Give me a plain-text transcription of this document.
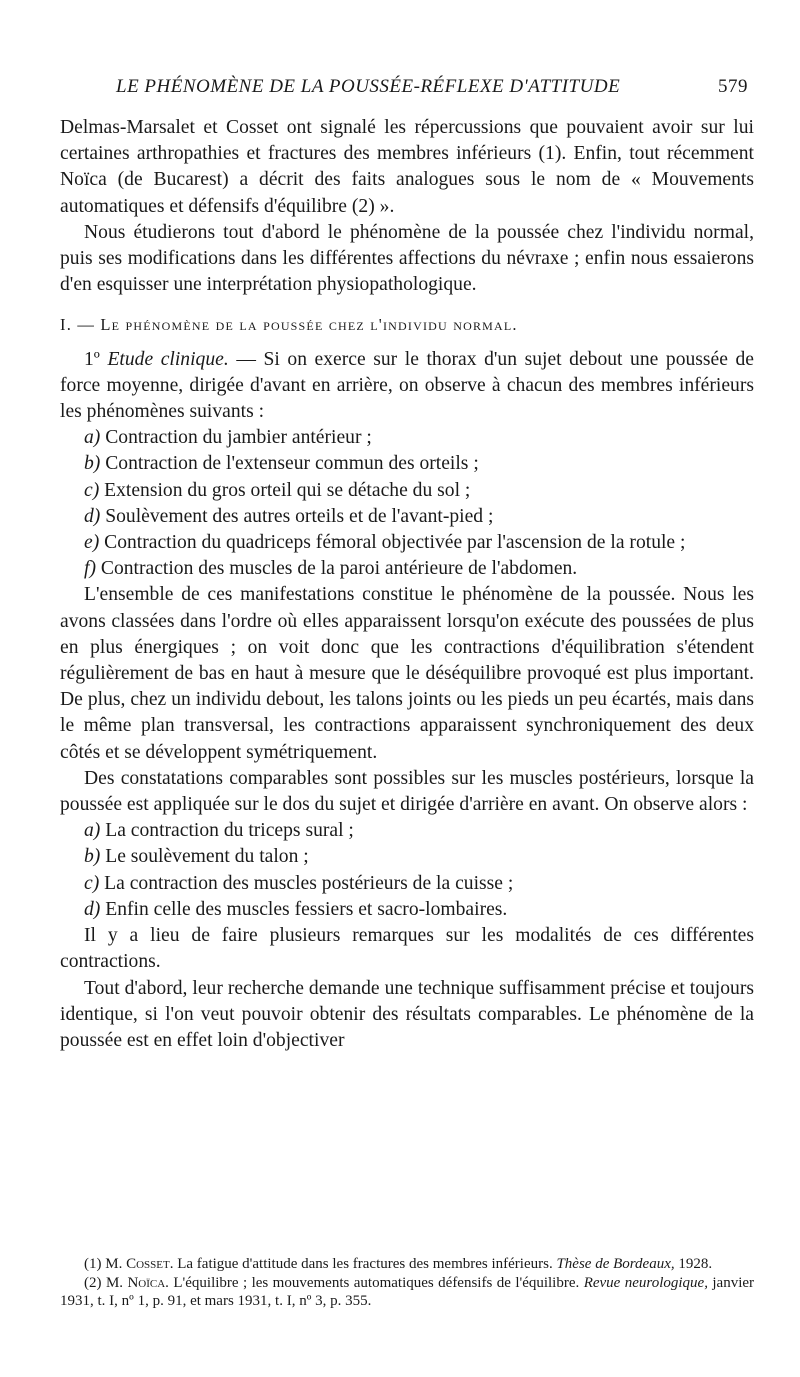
LE PHÉNOMÈNE DE LA POUSSÉE-RÉFLEXE D'ATTITUDE	579

Delmas-Marsalet et Cosset ont signalé les répercussions que pouvaient avoir sur lui certaines arthropathies et fractures des membres inférieurs (1). Enfin, tout récemment Noïca (de Bucarest) a décrit des faits analogues sous le nom de « Mouvements automatiques et défensifs d'équilibre (2) ».

Nous étudierons tout d'abord le phénomène de la poussée chez l'individu normal, puis ses modifications dans les différentes affections du névraxe ; enfin nous essaierons d'en esquisser une interprétation physiopathologique.

I. — Le phénomène de la poussée chez l'individu normal.

1º Etude clinique. — Si on exerce sur le thorax d'un sujet debout une poussée de force moyenne, dirigée d'avant en arrière, on observe à chacun des membres inférieurs les phénomènes suivants :

a) Contraction du jambier antérieur ;

b) Contraction de l'extenseur commun des orteils ;

c) Extension du gros orteil qui se détache du sol ;

d) Soulèvement des autres orteils et de l'avant-pied ;

e) Contraction du quadriceps fémoral objectivée par l'ascension de la rotule ;

f) Contraction des muscles de la paroi antérieure de l'abdomen.

L'ensemble de ces manifestations constitue le phénomène de la poussée. Nous les avons classées dans l'ordre où elles apparaissent lorsqu'on exécute des poussées de plus en plus énergiques ; on voit donc que les contractions d'équilibration s'étendent régulièrement de bas en haut à mesure que le déséquilibre provoqué est plus important. De plus, chez un individu debout, les talons joints ou les pieds un peu écartés, mais dans le même plan transversal, les contractions apparaissent synchroniquement des deux côtés et se développent symétriquement.

Des constatations comparables sont possibles sur les muscles postérieurs, lorsque la poussée est appliquée sur le dos du sujet et dirigée d'arrière en avant. On observe alors :

a) La contraction du triceps sural ;

b) Le soulèvement du talon ;

c) La contraction des muscles postérieurs de la cuisse ;

d) Enfin celle des muscles fessiers et sacro-lombaires.

Il y a lieu de faire plusieurs remarques sur les modalités de ces différentes contractions.

Tout d'abord, leur recherche demande une technique suffisamment précise et toujours identique, si l'on veut pouvoir obtenir des résultats comparables. Le phénomène de la poussée est en effet loin d'objectiver

(1) M. Cosset. La fatigue d'attitude dans les fractures des membres inférieurs. Thèse de Bordeaux, 1928.

(2) M. Noïca. L'équilibre ; les mouvements automatiques défensifs de l'équilibre. Revue neurologique, janvier 1931, t. I, nº 1, p. 91, et mars 1931, t. I, nº 3, p. 355.
